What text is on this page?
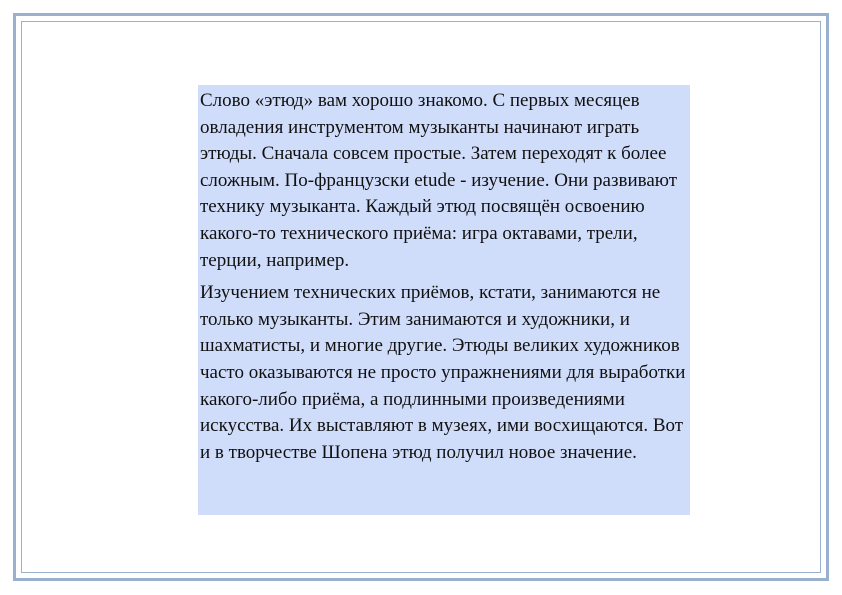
Слово «этюд» вам хорошо знакомо. С первых месяцев овладения инструментом музыканты начинают играть этюды. Сначала совсем простые. Затем переходят к более сложным. По-французски etude - изучение. Они развивают технику музыканта. Каждый этюд посвящён освоению какого-то технического приёма: игра октавами, трели, терции, например.

Изучением технических приёмов, кстати, занимаются не только музыканты. Этим занимаются и художники, и шахматисты, и многие другие. Этюды великих художников часто оказываются не просто упражнениями для выработки какого-либо приёма, а подлинными произведениями искусства. Их выставляют в музеях, ими восхищаются. Вот и в творчестве Шопена этюд получил новое значение.
